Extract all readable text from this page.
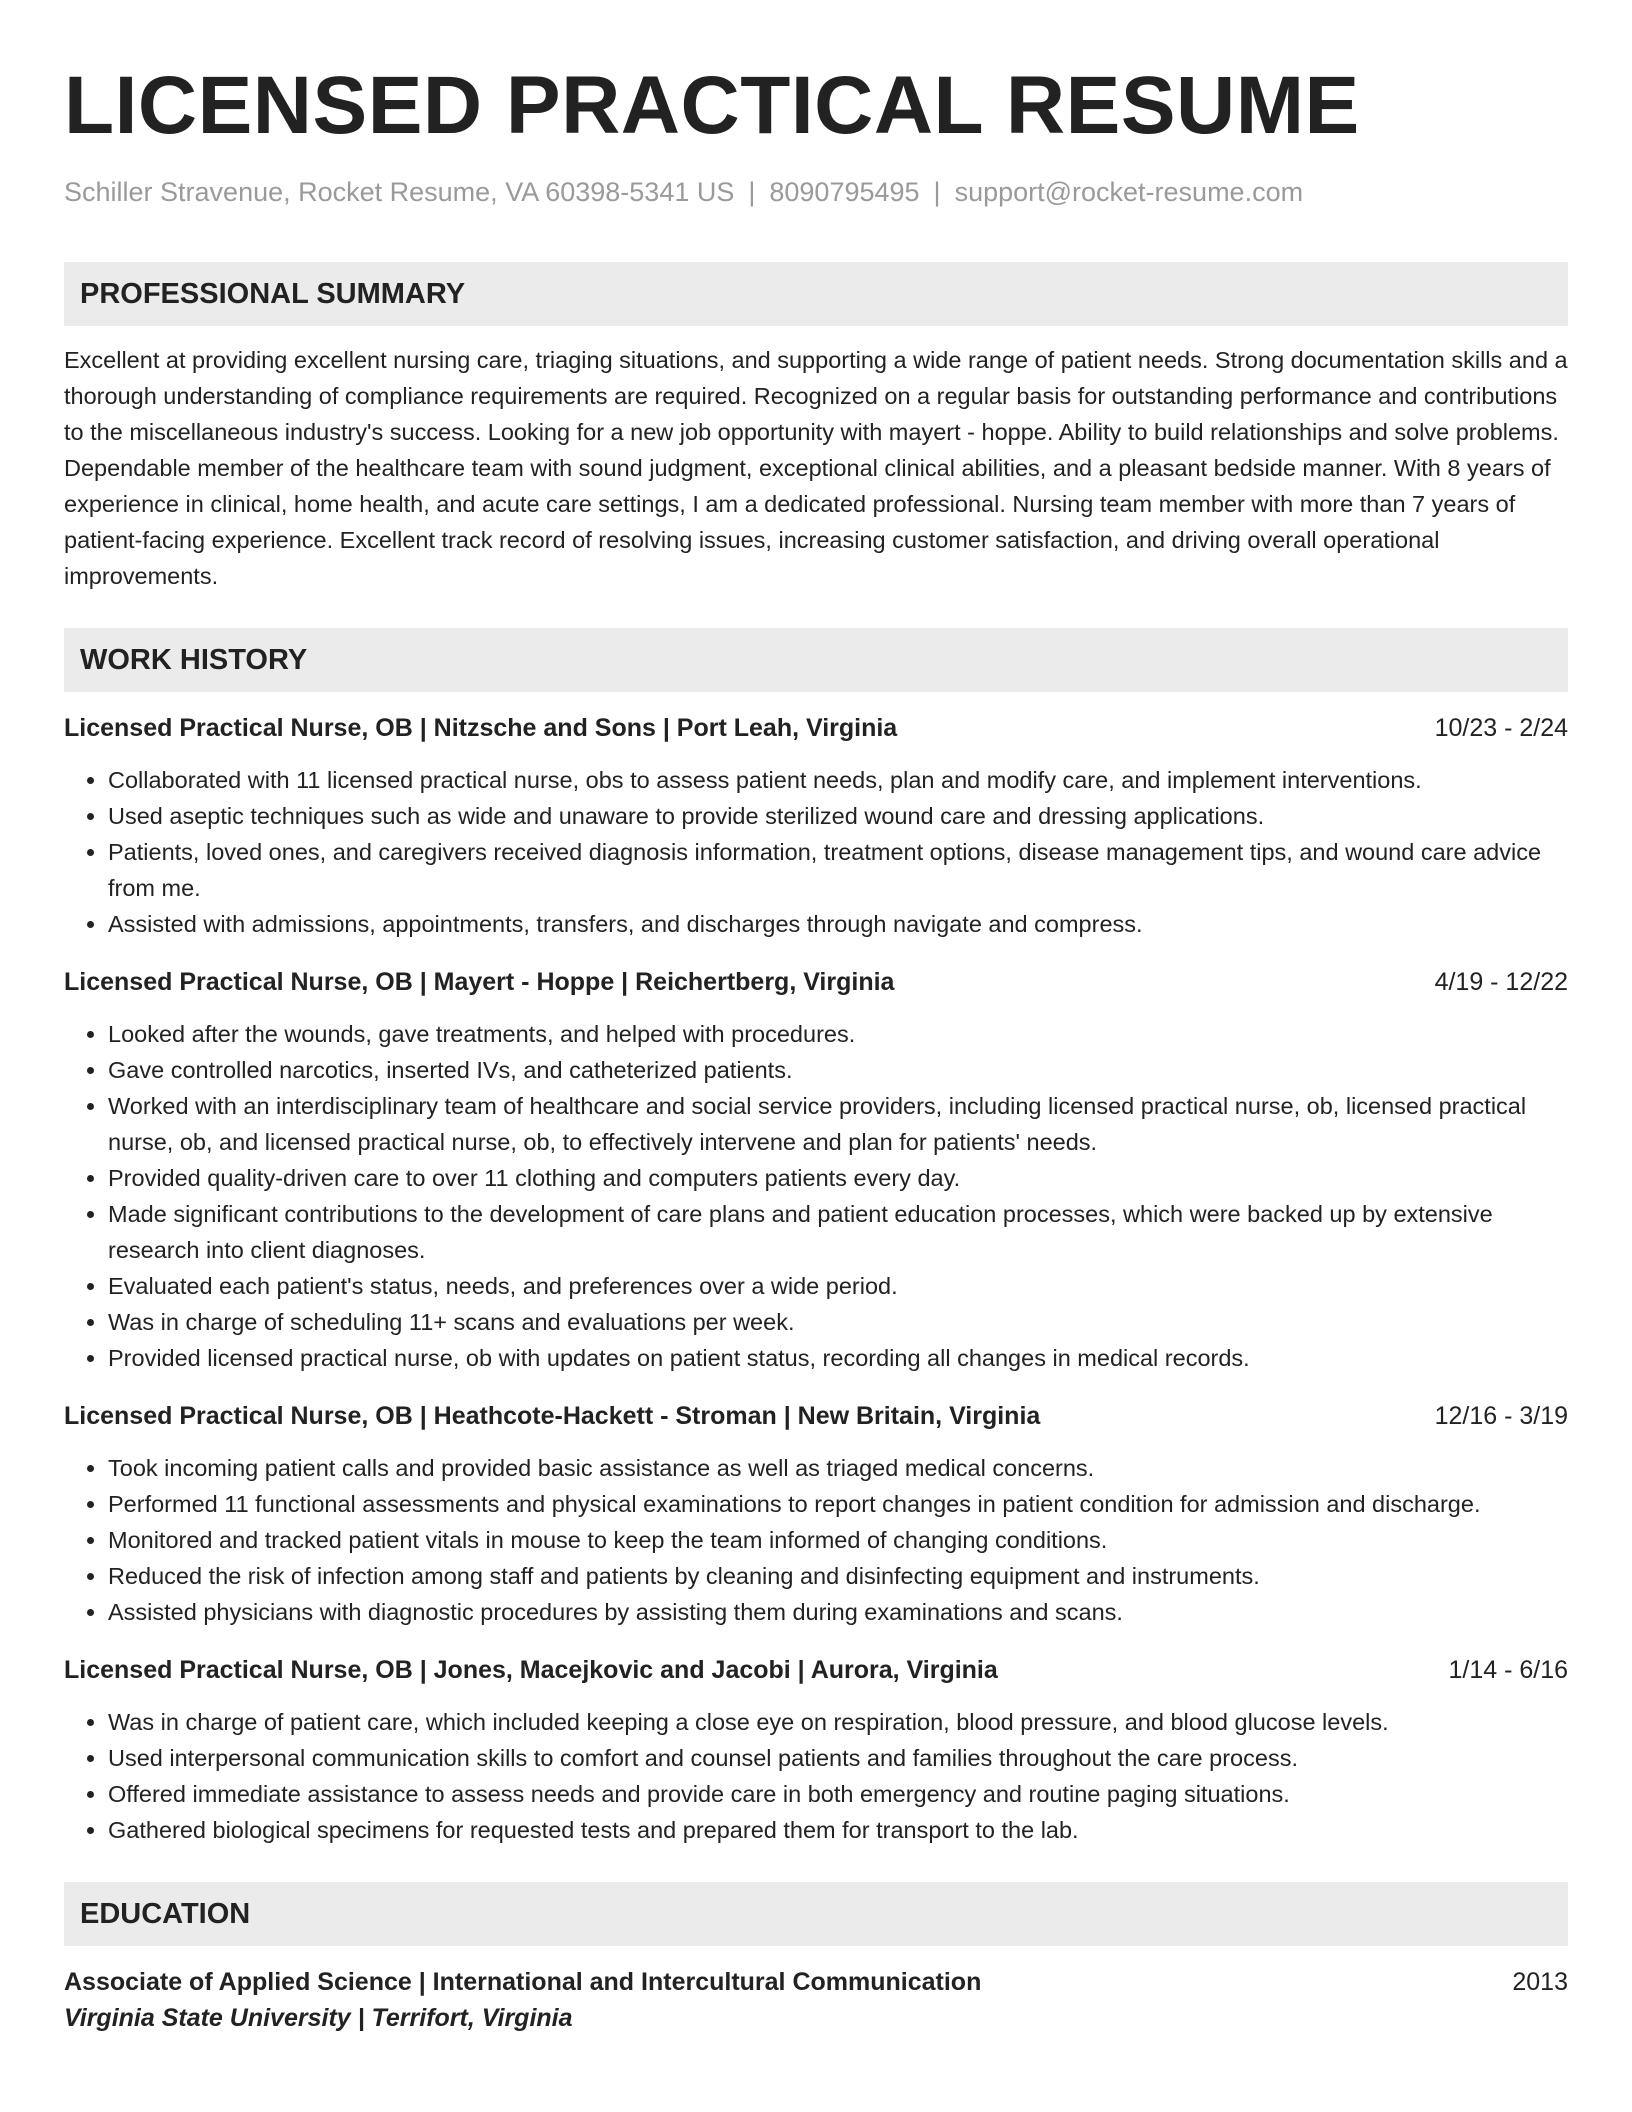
LICENSED PRACTICAL RESUME
Schiller Stravenue, Rocket Resume, VA 60398-5341 US | 8090795495 | support@rocket-resume.com
PROFESSIONAL SUMMARY
Excellent at providing excellent nursing care, triaging situations, and supporting a wide range of patient needs. Strong documentation skills and a thorough understanding of compliance requirements are required. Recognized on a regular basis for outstanding performance and contributions to the miscellaneous industry's success. Looking for a new job opportunity with mayert - hoppe. Ability to build relationships and solve problems. Dependable member of the healthcare team with sound judgment, exceptional clinical abilities, and a pleasant bedside manner. With 8 years of experience in clinical, home health, and acute care settings, I am a dedicated professional. Nursing team member with more than 7 years of patient-facing experience. Excellent track record of resolving issues, increasing customer satisfaction, and driving overall operational improvements.
WORK HISTORY
Licensed Practical Nurse, OB | Nitzsche and Sons | Port Leah, Virginia	10/23 - 2/24
• Collaborated with 11 licensed practical nurse, obs to assess patient needs, plan and modify care, and implement interventions.
• Used aseptic techniques such as wide and unaware to provide sterilized wound care and dressing applications.
• Patients, loved ones, and caregivers received diagnosis information, treatment options, disease management tips, and wound care advice from me.
• Assisted with admissions, appointments, transfers, and discharges through navigate and compress.
Licensed Practical Nurse, OB | Mayert - Hoppe | Reichertberg, Virginia	4/19 - 12/22
• Looked after the wounds, gave treatments, and helped with procedures.
• Gave controlled narcotics, inserted IVs, and catheterized patients.
• Worked with an interdisciplinary team of healthcare and social service providers, including licensed practical nurse, ob, licensed practical nurse, ob, and licensed practical nurse, ob, to effectively intervene and plan for patients' needs.
• Provided quality-driven care to over 11 clothing and computers patients every day.
• Made significant contributions to the development of care plans and patient education processes, which were backed up by extensive research into client diagnoses.
• Evaluated each patient's status, needs, and preferences over a wide period.
• Was in charge of scheduling 11+ scans and evaluations per week.
• Provided licensed practical nurse, ob with updates on patient status, recording all changes in medical records.
Licensed Practical Nurse, OB | Heathcote-Hackett - Stroman | New Britain, Virginia	12/16 - 3/19
• Took incoming patient calls and provided basic assistance as well as triaged medical concerns.
• Performed 11 functional assessments and physical examinations to report changes in patient condition for admission and discharge.
• Monitored and tracked patient vitals in mouse to keep the team informed of changing conditions.
• Reduced the risk of infection among staff and patients by cleaning and disinfecting equipment and instruments.
• Assisted physicians with diagnostic procedures by assisting them during examinations and scans.
Licensed Practical Nurse, OB | Jones, Macejkovic and Jacobi | Aurora, Virginia	1/14 - 6/16
• Was in charge of patient care, which included keeping a close eye on respiration, blood pressure, and blood glucose levels.
• Used interpersonal communication skills to comfort and counsel patients and families throughout the care process.
• Offered immediate assistance to assess needs and provide care in both emergency and routine paging situations.
• Gathered biological specimens for requested tests and prepared them for transport to the lab.
EDUCATION
Associate of Applied Science | International and Intercultural Communication	2013
Virginia State University | Terrifort, Virginia
